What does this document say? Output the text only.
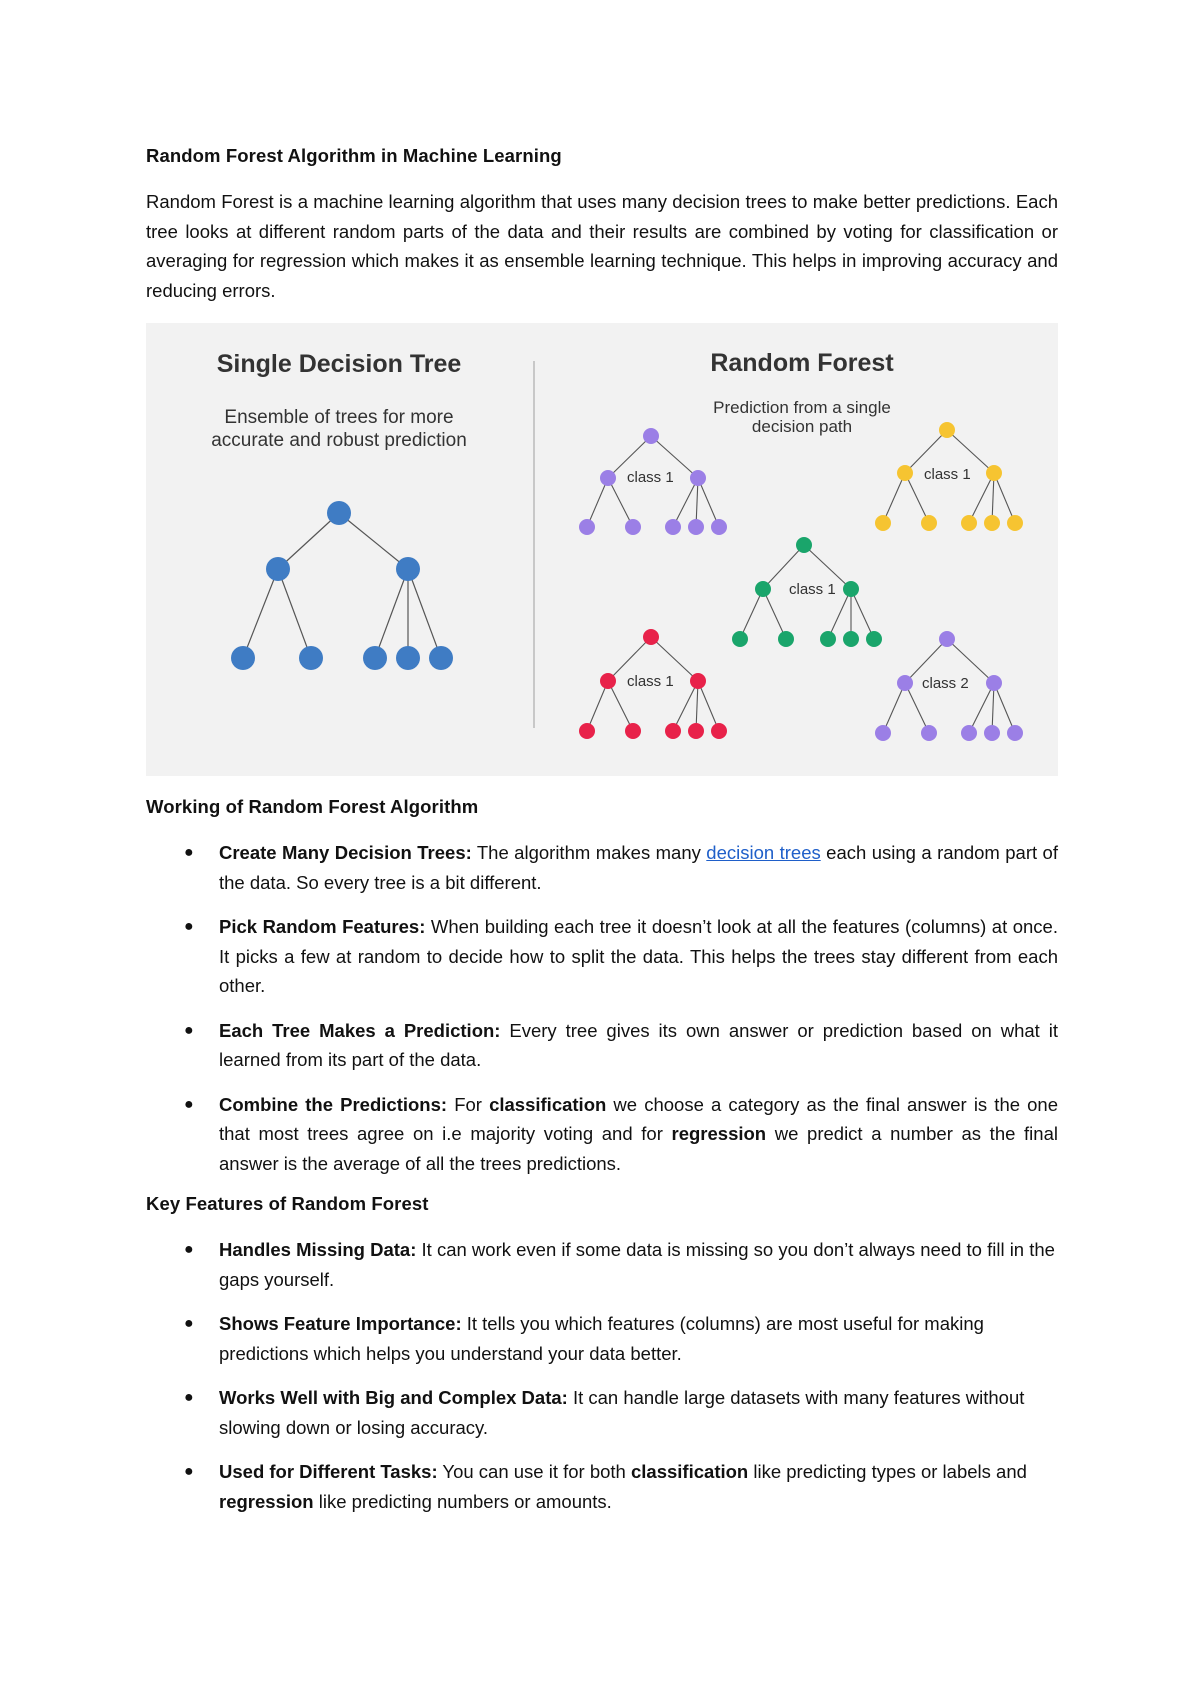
Random Forest Algorithm in Machine Learning

Random Forest is a machine learning algorithm that uses many decision trees to make better predictions. Each tree looks at different random parts of the data and their results are combined by voting for classification or averaging for regression which makes it as ensemble learning technique. This helps in improving accuracy and reducing errors.

Single Decision Tree
Ensemble of trees for more
accurate and robust prediction
Random Forest
Prediction from a single
decision path
class 1	class 1
class 1
class 1	class 2
Working of Random Forest Algorithm
● Create Many Decision Trees: The algorithm makes many decision trees each using a random part of the data. So every tree is a bit different.
● Pick Random Features: When building each tree it doesn’t look at all the features (columns) at once. It picks a few at random to decide how to split the data. This helps the trees stay different from each other.
● Each Tree Makes a Prediction: Every tree gives its own answer or prediction based on what it learned from its part of the data.
● Combine the Predictions: For classification we choose a category as the final answer is the one that most trees agree on i.e majority voting and for regression we predict a number as the final answer is the average of all the trees predictions.
Key Features of Random Forest
● Handles Missing Data: It can work even if some data is missing so you don’t always need to fill in the gaps yourself.
● Shows Feature Importance: It tells you which features (columns) are most useful for making predictions which helps you understand your data better.
● Works Well with Big and Complex Data: It can handle large datasets with many features without slowing down or losing accuracy.
● Used for Different Tasks: You can use it for both classification like predicting types or labels and regression like predicting numbers or amounts.
